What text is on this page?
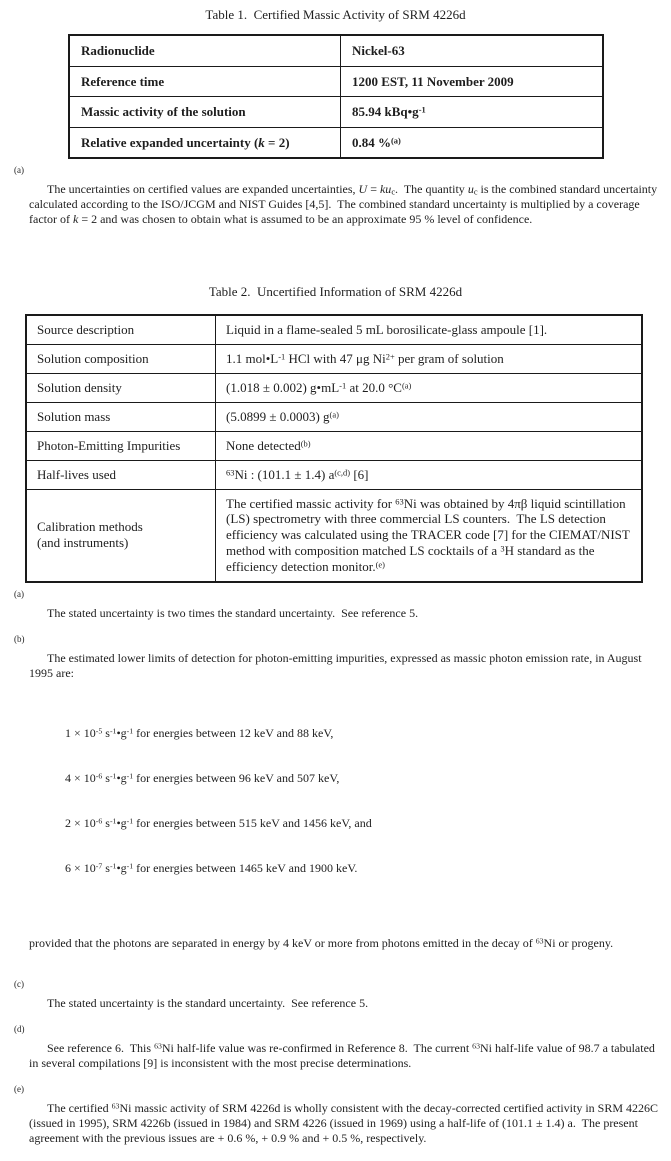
Table 1.  Certified Massic Activity of SRM 4226d
Radionuclide	Nickel-63
Reference time	1200 EST, 11 November 2009
Massic activity of the solution	85.94 $kBq•g^{-1}$
Relative expanded uncertainty (k = 2)	0.84 %$^{(a)}$

(a)
The uncertainties on certified values are expanded uncertainties, $U = ku_c$.  The quantity $u_c$ is the combined standard uncertainty calculated according to the ISO/JCGM and NIST Guides [4,5].  The combined standard uncertainty is multiplied by a coverage factor of k = 2 and was chosen to obtain what is assumed to be an approximate 95 % level of confidence.

Table 2.  Uncertified Information of SRM 4226d
Source description	Liquid in a flame-sealed 5 mL borosilicate-glass ampoule [1].
Solution composition	1.1 $mol•L^{-1}$ HCl with 47 μg $Ni^{2+}$ per gram of solution
Solution density	(1.018 ± 0.002) $g•mL^{-1}$ at 20.0 $^\circ C^{(a)}$
Solution mass	(5.0899 ± 0.0003) $g^{(a)}$
Photon-Emitting Impurities	None detected$^{(b)}$
Half-lives used	$^{63}$Ni : (101.1 ± 1.4) $a^{(c,d)}$ [6]
Calibration methods
(and instruments)	The certified massic activity for $^{63}$Ni was obtained by 4πβ liquid scintillation (LS) spectrometry with three commercial LS counters.  The LS detection efficiency was calculated using the TRACER code [7] for the CIEMAT/NIST method with composition matched LS cocktails of a $^3$H standard as the efficiency detection monitor.$^{(e)}$

(a)
The stated uncertainty is two times the standard uncertainty.  See reference 5.

(b)
The estimated lower limits of detection for photon-emitting impurities, expressed as massic photon emission rate, in August 1995 are:

$1 \times 10^{-5}$ $s^{-1}•g^{-1}$ for energies between 12 keV and 88 keV,

$4 \times 10^{-6}$ $s^{-1}•g^{-1}$ for energies between 96 keV and 507 keV,

$2 \times 10^{-6}$ $s^{-1}•g^{-1}$ for energies between 515 keV and 1456 keV, and

$6 \times 10^{-7}$ $s^{-1}•g^{-1}$ for energies between 1465 keV and 1900 keV.

provided that the photons are separated in energy by 4 keV or more from photons emitted in the decay of $^{63}$Ni or progeny.

(c)
The stated uncertainty is the standard uncertainty.  See reference 5.

(d)
See reference 6.  This $^{63}$Ni half-life value was re-confirmed in Reference 8.  The current $^{63}$Ni half-life value of 98.7 a tabulated in several compilations [9] is inconsistent with the most precise determinations.

(e)
The certified $^{63}$Ni massic activity of SRM 4226d is wholly consistent with the decay-corrected certified activity in SRM 4226C (issued in 1995), SRM 4226b (issued in 1984) and SRM 4226 (issued in 1969) using a half-life of (101.1 ± 1.4) a.  The present agreement with the previous issues are + 0.6 %, + 0.9 % and + 0.5 %, respectively.
